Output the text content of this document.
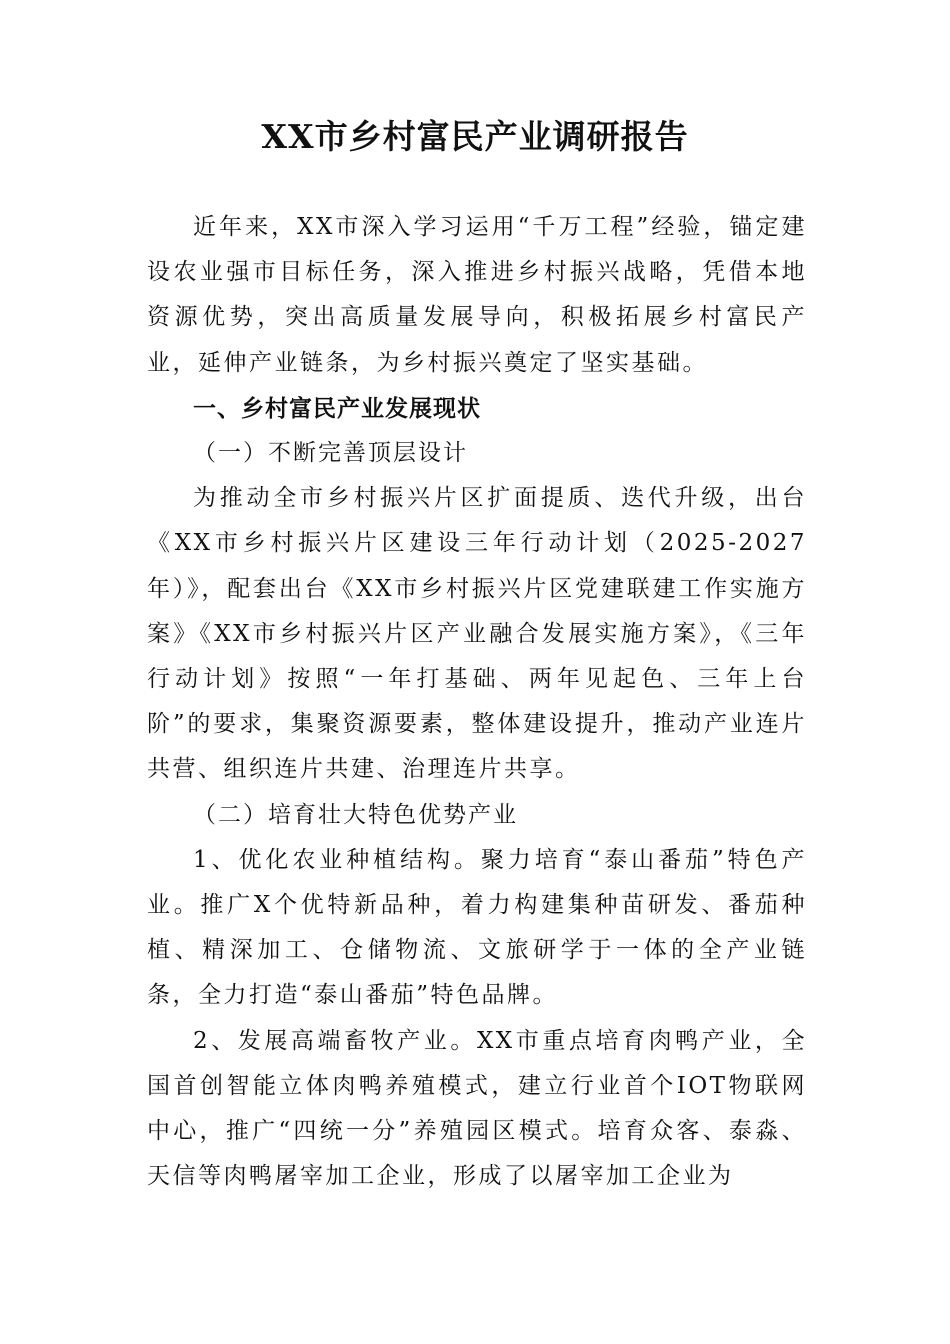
XX市乡村富民产业调研报告

近年来，XX市深入学习运用“千万工程”经验，锚定建设农业强市目标任务，深入推进乡村振兴战略，凭借本地资源优势，突出高质量发展导向，积极拓展乡村富民产业，延伸产业链条，为乡村振兴奠定了坚实基础。

一、乡村富民产业发展现状

（一）不断完善顶层设计

为推动全市乡村振兴片区扩面提质、迭代升级，出台《XX市乡村振兴片区建设三年行动计划（2025-2027年）》，配套出台《XX市乡村振兴片区党建联建工作实施方案》《XX市乡村振兴片区产业融合发展实施方案》，《三年行动计划》按照“一年打基础、两年见起色、三年上台阶”的要求，集聚资源要素，整体建设提升，推动产业连片共营、组织连片共建、治理连片共享。

（二）培育壮大特色优势产业

1、优化农业种植结构。聚力培育“泰山番茄”特色产业。推广X个优特新品种，着力构建集种苗研发、番茄种植、精深加工、仓储物流、文旅研学于一体的全产业链条，全力打造“泰山番茄”特色品牌。

2、发展高端畜牧产业。XX市重点培育肉鸭产业，全国首创智能立体肉鸭养殖模式，建立行业首个IOT物联网中心，推广“四统一分”养殖园区模式。培育众客、泰淼、天信等肉鸭屠宰加工企业，形成了以屠宰加工企业为
